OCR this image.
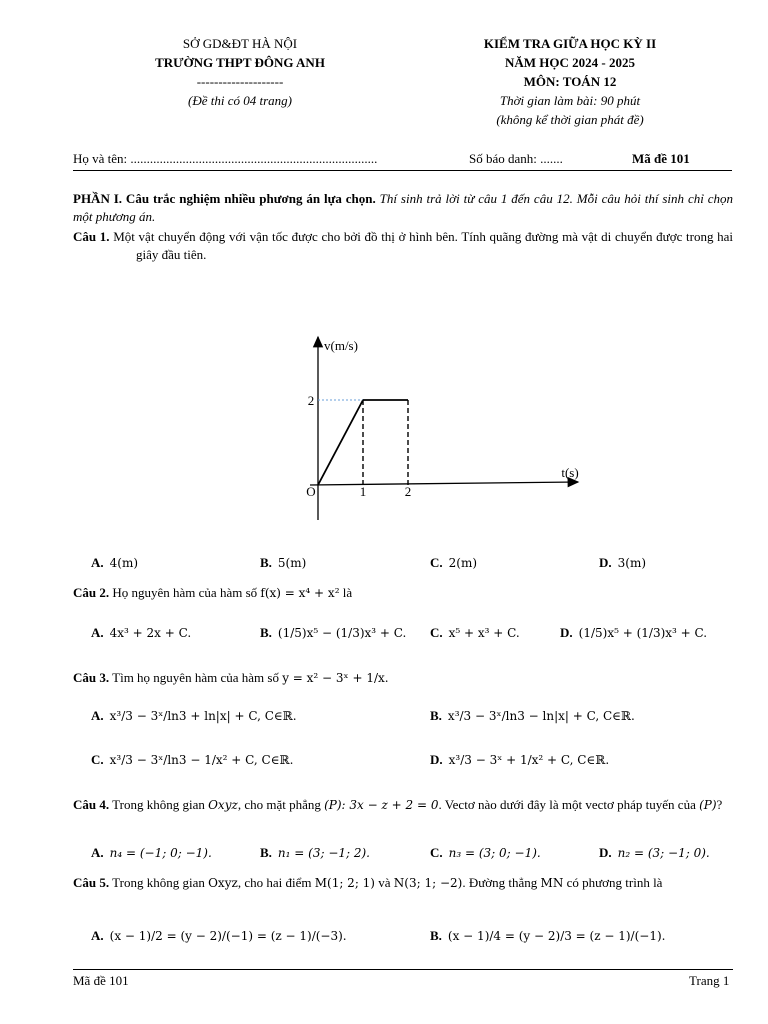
SỞ GD&ĐT HÀ NỘI
TRƯỜNG THPT ĐÔNG ANH
--------------------
(Đề thi có 04 trang)
KIỂM TRA GIỮA HỌC KỲ II
NĂM HỌC 2024 - 2025
MÔN: TOÁN 12
Thời gian làm bài: 90 phút
(không kể thời gian phát đề)
Họ và tên: ............................................................................	Số báo danh: .......	Mã đề 101
PHẦN I. Câu trắc nghiệm nhiều phương án lựa chọn. Thí sinh trả lời từ câu 1 đến câu 12. Mỗi câu hỏi thí sinh chỉ chọn một phương án.
Câu 1. Một vật chuyển động với vận tốc được cho bởi đồ thị ở hình bên. Tính quãng đường mà vật di chuyển được trong hai giây đầu tiên.
v(m/s)
t(s)
O	1	2
2
A. 4(m)	B. 5(m)	C. 2(m)	D. 3(m)
Câu 2. Họ nguyên hàm của hàm số f(x) = x⁴ + x² là
A. 4x³ + 2x + C.	B. (1/5)x⁵ − (1/3)x³ + C. C. x⁵ + x³ + C.	D. (1/5)x⁵ + (1/3)x³ + C.
Câu 3. Tìm họ nguyên hàm của hàm số y = x² − 3ˣ + 1/x.
A. x³/3 − 3ˣ/ln3 + ln|x| + C, C∈ℝ.	B. x³/3 − 3ˣ/ln3 − ln|x| + C, C∈ℝ.
C. x³/3 − 3ˣ/ln3 − 1/x² + C, C∈ℝ.	D. x³/3 − 3ˣ + 1/x² + C, C∈ℝ.
Câu 4. Trong không gian Oxyz, cho mặt phẳng (P): 3x − z + 2 = 0. Vectơ nào dưới đây là một vectơ pháp tuyến của (P)?
A. n₄ = (−1; 0; −1).	B. n₁ = (3; −1; 2).	C. n₃ = (3; 0; −1).	D. n₂ = (3; −1; 0).
Câu 5. Trong không gian Oxyz, cho hai điểm M(1; 2; 1) và N(3; 1; −2). Đường thẳng MN có phương trình là
A. (x − 1)/2 = (y − 2)/(−1) = (z − 1)/(−3).	B. (x − 1)/4 = (y − 2)/3 = (z − 1)/(−1).
Mã đề 101	Trang 1
